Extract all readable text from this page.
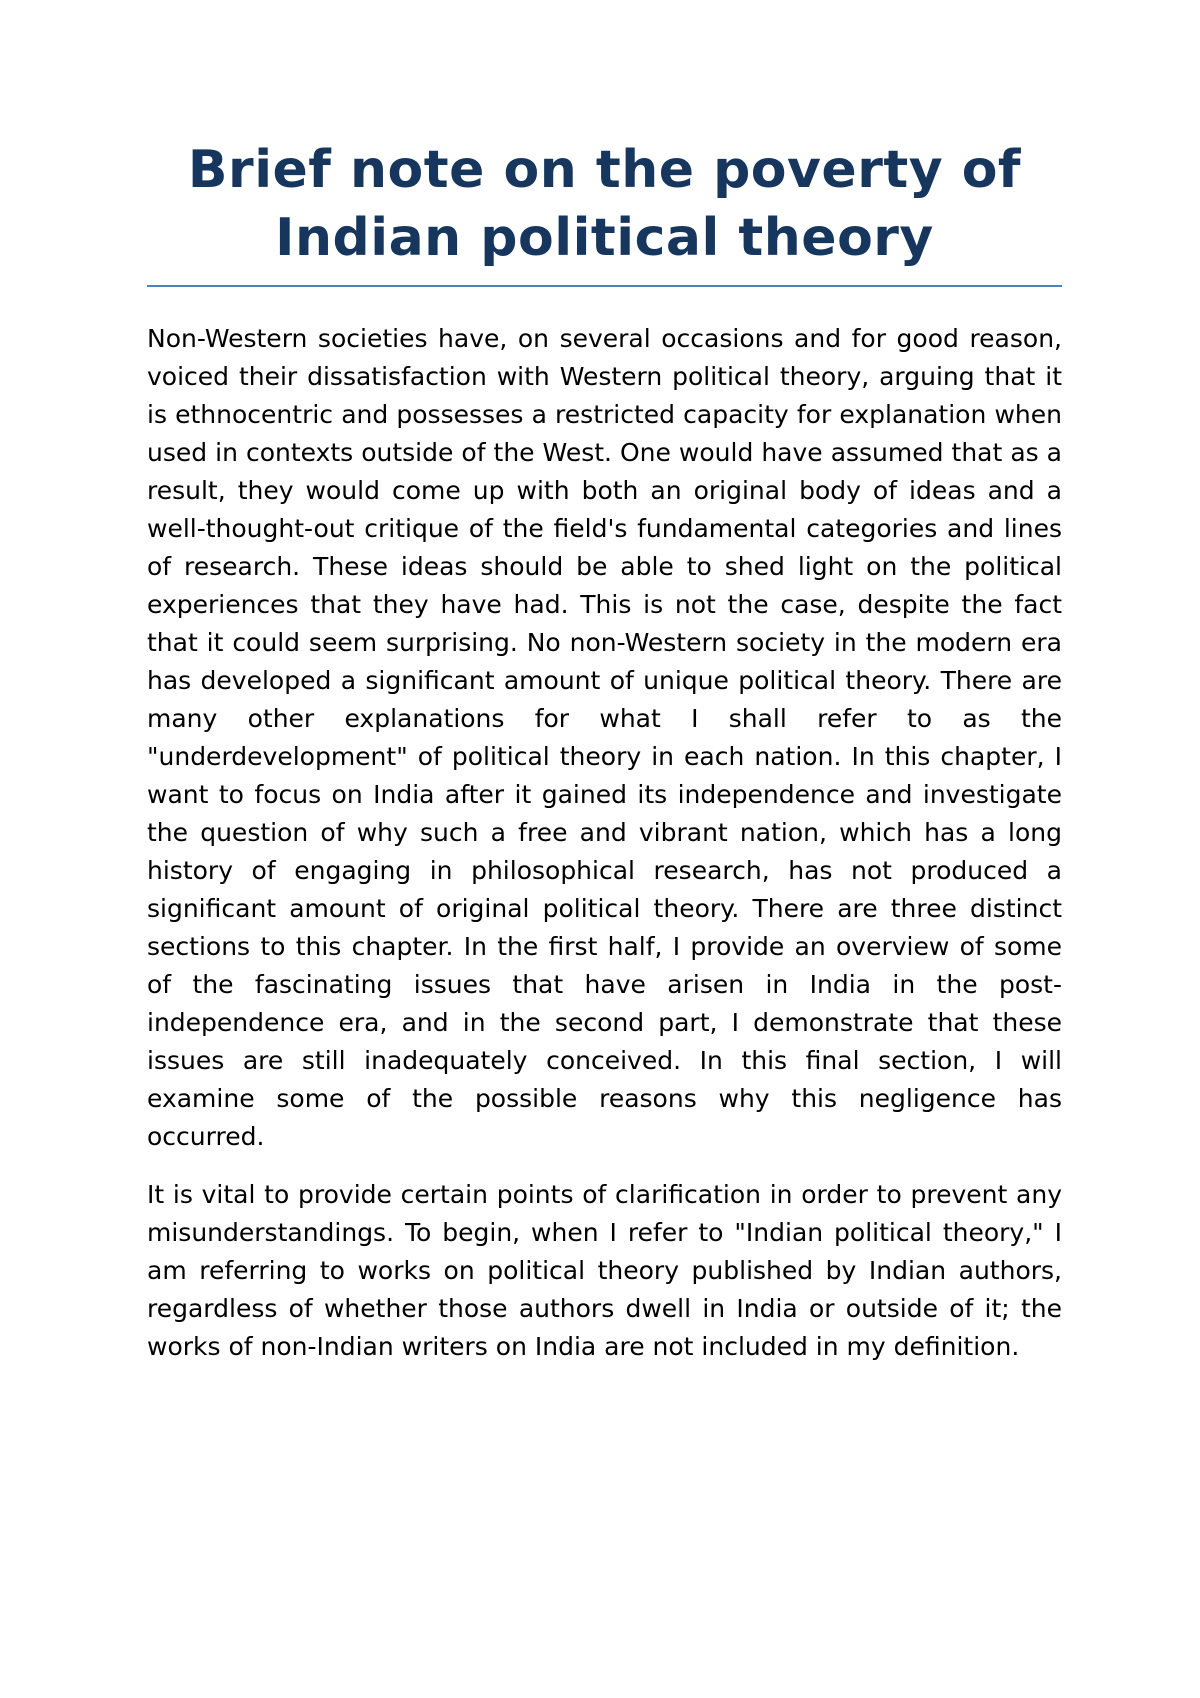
Brief note on the poverty of
Indian political theory

Non-Western societies have, on several occasions and for good reason, voiced their dissatisfaction with Western political theory, arguing that it is ethnocentric and possesses a restricted capacity for explanation when used in contexts outside of the West. One would have assumed that as a result, they would come up with both an original body of ideas and a well-thought-out critique of the field's fundamental categories and lines of research. These ideas should be able to shed light on the political experiences that they have had. This is not the case, despite the fact that it could seem surprising. No non-Western society in the modern era has developed a significant amount of unique political theory. There are many other explanations for what I shall refer to as the "underdevelopment" of political theory in each nation. In this chapter, I want to focus on India after it gained its independence and investigate the question of why such a free and vibrant nation, which has a long history of engaging in philosophical research, has not produced a significant amount of original political theory. There are three distinct sections to this chapter. In the first half, I provide an overview of some of the fascinating issues that have arisen in India in the post-independence era, and in the second part, I demonstrate that these issues are still inadequately conceived. In this final section, I will examine some of the possible reasons why this negligence has occurred.

It is vital to provide certain points of clarification in order to prevent any misunderstandings. To begin, when I refer to "Indian political theory," I am referring to works on political theory published by Indian authors, regardless of whether those authors dwell in India or outside of it; the works of non-Indian writers on India are not included in my definition.
